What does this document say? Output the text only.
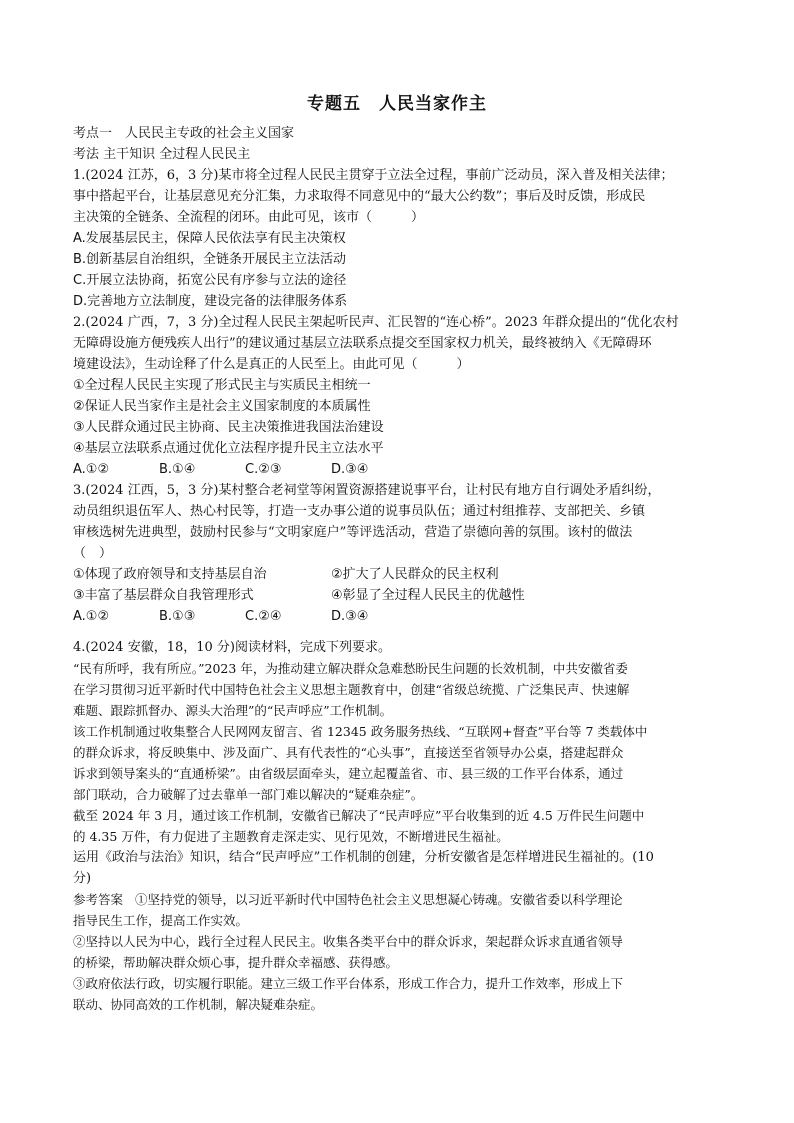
专题五　人民当家作主
考点一　人民民主专政的社会主义国家
考法 主干知识 全过程人民民主
1.(2024 江苏，6，3 分)某市将全过程人民民主贯穿于立法全过程，事前广泛动员，深入普及相关法律；
事中搭起平台，让基层意见充分汇集，力求取得不同意见中的“最大公约数”；事后及时反馈，形成民
主决策的全链条、全流程的闭环。由此可见，该市（　　　）
A.发展基层民主，保障人民依法享有民主决策权
B.创新基层自治组织，全链条开展民主立法活动
C.开展立法协商，拓宽公民有序参与立法的途径
D.完善地方立法制度，建设完备的法律服务体系
2.(2024 广西，7，3 分)全过程人民民主架起听民声、汇民智的“连心桥”。2023 年群众提出的“优化农村
无障碍设施方便残疾人出行”的建议通过基层立法联系点提交至国家权力机关，最终被纳入《无障碍环
境建设法》，生动诠释了什么是真正的人民至上。由此可见（　　　）
①全过程人民民主实现了形式民主与实质民主相统一
②保证人民当家作主是社会主义国家制度的本质属性
③人民群众通过民主协商、民主决策推进我国法治建设
④基层立法联系点通过优化立法程序提升民主立法水平
A.①②	B.①④	C.②③	D.③④
3.(2024 江西，5，3 分)某村整合老祠堂等闲置资源搭建说事平台，让村民有地方自行调处矛盾纠纷，
动员组织退伍军人、热心村民等，打造一支办事公道的说事员队伍；通过村组推荐、支部把关、乡镇
审核选树先进典型，鼓励村民参与“文明家庭户”等评选活动，营造了崇德向善的氛围。该村的做法
（　）
①体现了政府领导和支持基层自治	②扩大了人民群众的民主权利
③丰富了基层群众自我管理形式	④彰显了全过程人民民主的优越性
A.①②	B.①③	C.②④	D.③④
4.(2024 安徽，18，10 分)阅读材料，完成下列要求。
“民有所呼，我有所应。”2023 年，为推动建立解决群众急难愁盼民生问题的长效机制，中共安徽省委
在学习贯彻习近平新时代中国特色社会主义思想主题教育中，创建“省级总统揽、广泛集民声、快速解
难题、跟踪抓督办、源头大治理”的“民声呼应”工作机制。
该工作机制通过收集整合人民网网友留言、省 12345 政务服务热线、“互联网+督查”平台等 7 类载体中
的群众诉求，将反映集中、涉及面广、具有代表性的“心头事”，直接送至省领导办公桌，搭建起群众
诉求到领导案头的“直通桥梁”。由省级层面牵头，建立起覆盖省、市、县三级的工作平台体系，通过
部门联动，合力破解了过去靠单一部门难以解决的“疑难杂症”。
截至 2024 年 3 月，通过该工作机制，安徽省已解决了“民声呼应”平台收集到的近 4.5 万件民生问题中
的 4.35 万件，有力促进了主题教育走深走实、见行见效，不断增进民生福祉。
运用《政治与法治》知识，结合“民声呼应”工作机制的创建，分析安徽省是怎样增进民生福祉的。(10
分)
参考答案 ①坚持党的领导，以习近平新时代中国特色社会主义思想凝心铸魂。安徽省委以科学理论
指导民生工作，提高工作实效。
②坚持以人民为中心，践行全过程人民民主。收集各类平台中的群众诉求，架起群众诉求直通省领导
的桥梁，帮助解决群众烦心事，提升群众幸福感、获得感。
③政府依法行政，切实履行职能。建立三级工作平台体系，形成工作合力，提升工作效率，形成上下
联动、协同高效的工作机制，解决疑难杂症。
